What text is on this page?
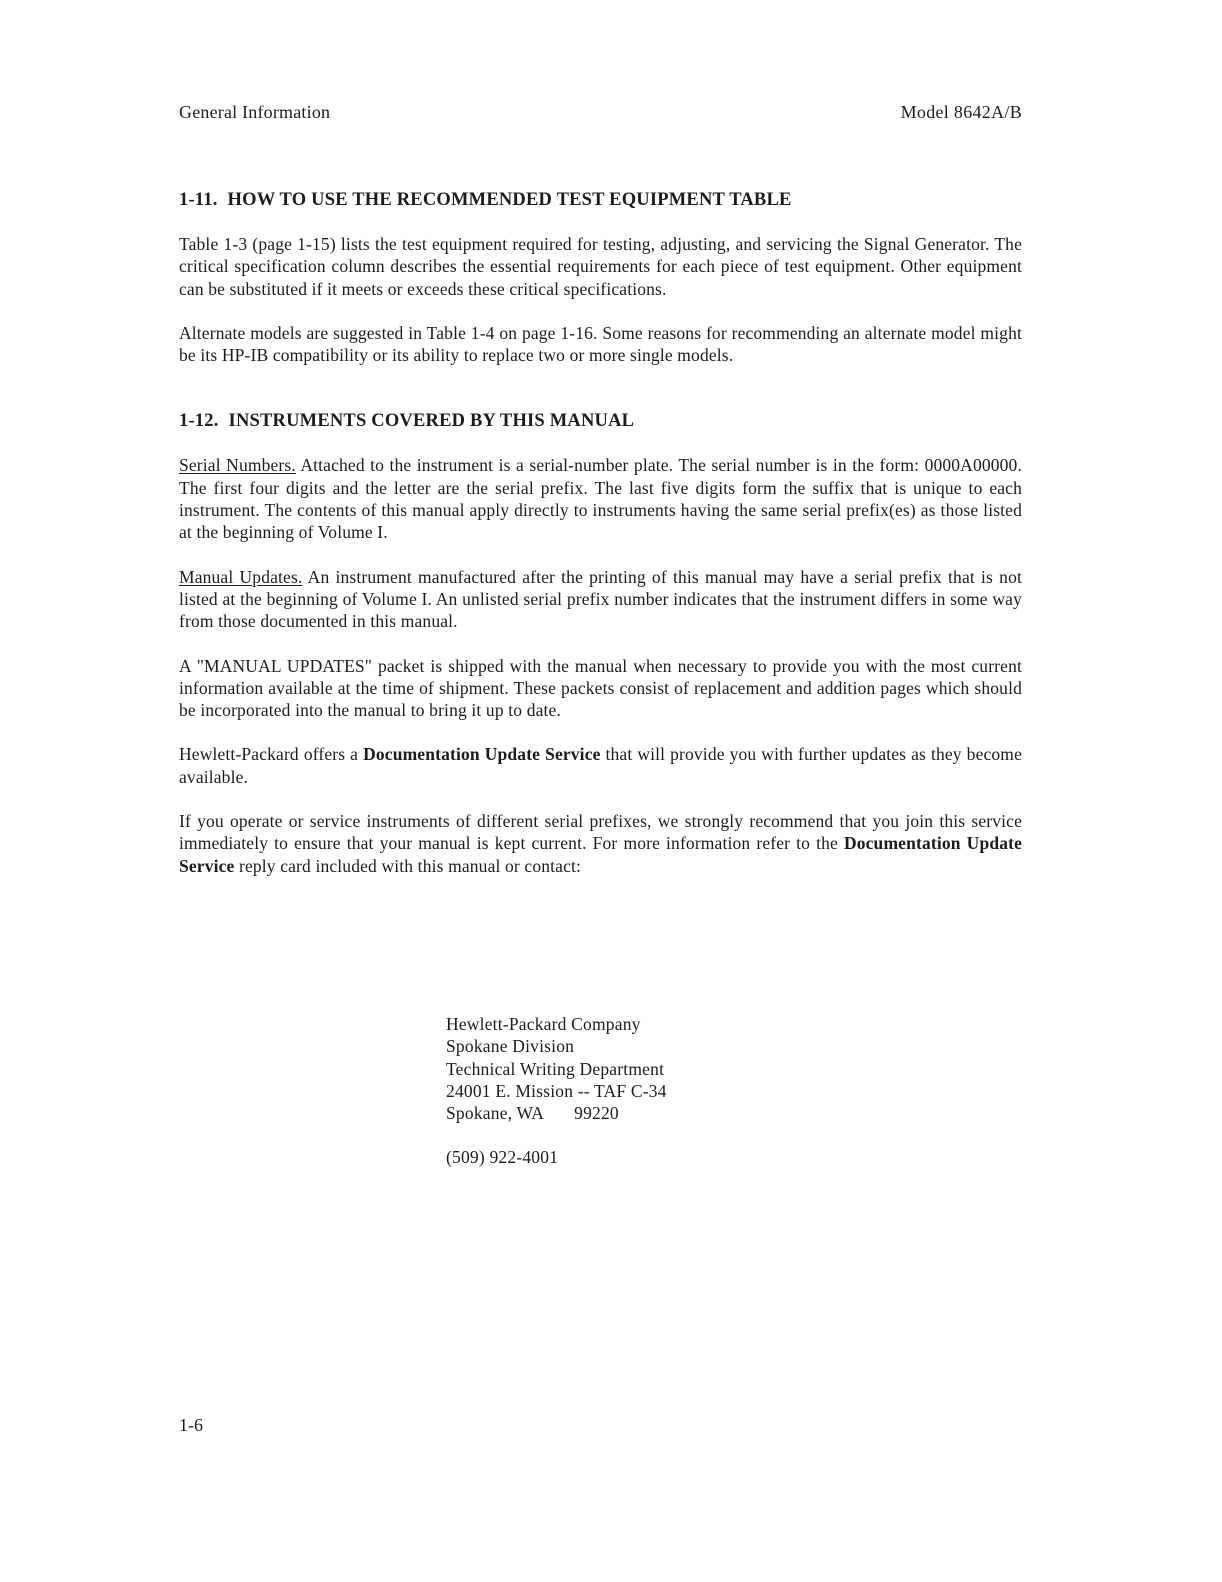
General Information	Model 8642A/B
1-11. HOW TO USE THE RECOMMENDED TEST EQUIPMENT TABLE

Table 1-3 (page 1-15) lists the test equipment required for testing, adjusting, and servicing the Signal Generator. The critical specification column describes the essential requirements for each piece of test equipment. Other equipment can be substituted if it meets or exceeds these critical specifications.

Alternate models are suggested in Table 1-4 on page 1-16. Some reasons for recommending an alternate model might be its HP-IB compatibility or its ability to replace two or more single models.

1-12. INSTRUMENTS COVERED BY THIS MANUAL

Serial Numbers. Attached to the instrument is a serial-number plate. The serial number is in the form: 0000A00000. The first four digits and the letter are the serial prefix. The last five digits form the suffix that is unique to each instrument. The contents of this manual apply directly to instruments having the same serial prefix(es) as those listed at the beginning of Volume I.

Manual Updates. An instrument manufactured after the printing of this manual may have a serial prefix that is not listed at the beginning of Volume I. An unlisted serial prefix number indicates that the instrument differs in some way from those documented in this manual.

A "MANUAL UPDATES" packet is shipped with the manual when necessary to provide you with the most current information available at the time of shipment. These packets consist of replacement and addition pages which should be incorporated into the manual to bring it up to date.

Hewlett-Packard offers a Documentation Update Service that will provide you with further updates as they become available.

If you operate or service instruments of different serial prefixes, we strongly recommend that you join this service immediately to ensure that your manual is kept current. For more information refer to the Documentation Update Service reply card included with this manual or contact:

Hewlett-Packard Company
Spokane Division
Technical Writing Department
24001 E. Mission -- TAF C-34
Spokane, WA 99220
(509) 922-4001
1-6
